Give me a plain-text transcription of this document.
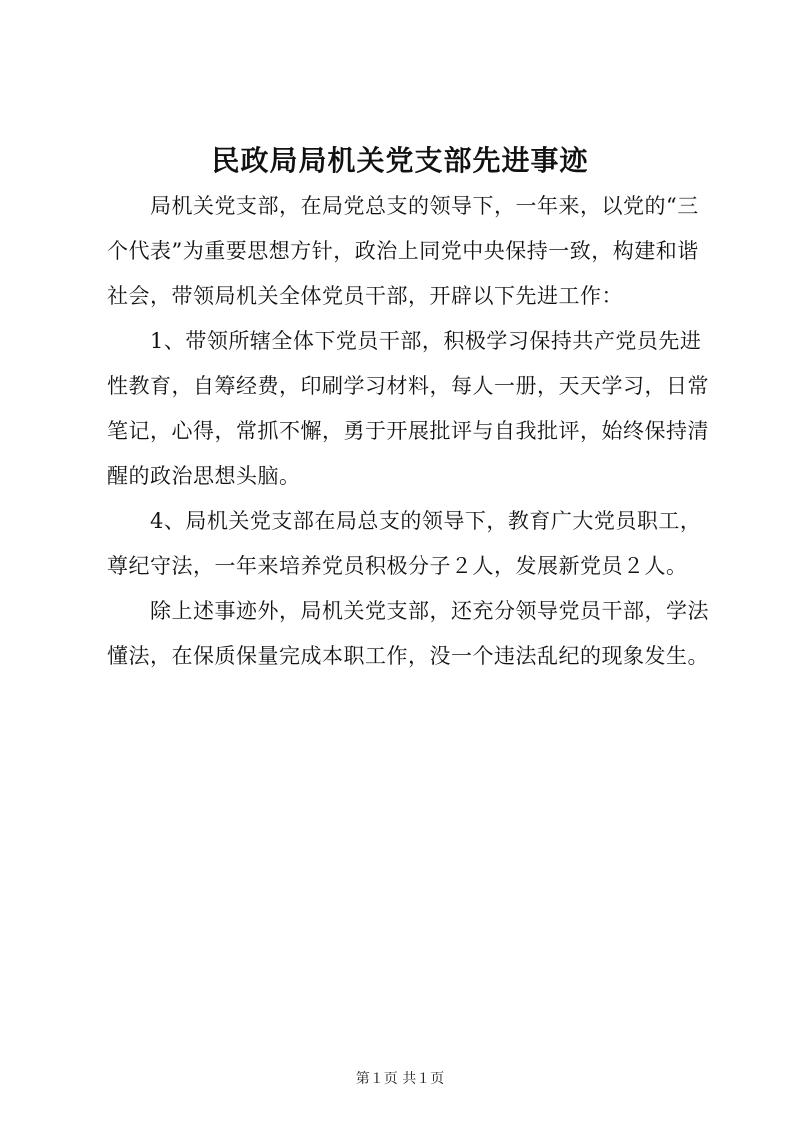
民政局局机关党支部先进事迹
局机关党支部，在局党总支的领导下，一年来，以党的“三
个代表”为重要思想方针，政治上同党中央保持一致，构建和谐
社会，带领局机关全体党员干部，开辟以下先进工作：
1、带领所辖全体下党员干部，积极学习保持共产党员先进
性教育，自筹经费，印刷学习材料，每人一册，天天学习，日常
笔记，心得，常抓不懈，勇于开展批评与自我批评，始终保持清
醒的政治思想头脑。
4、局机关党支部在局总支的领导下，教育广大党员职工，
尊纪守法，一年来培养党员积极分子２人，发展新党员２人。
除上述事迹外，局机关党支部，还充分领导党员干部，学法
懂法，在保质保量完成本职工作，没一个违法乱纪的现象发生。
第１页 共１页
